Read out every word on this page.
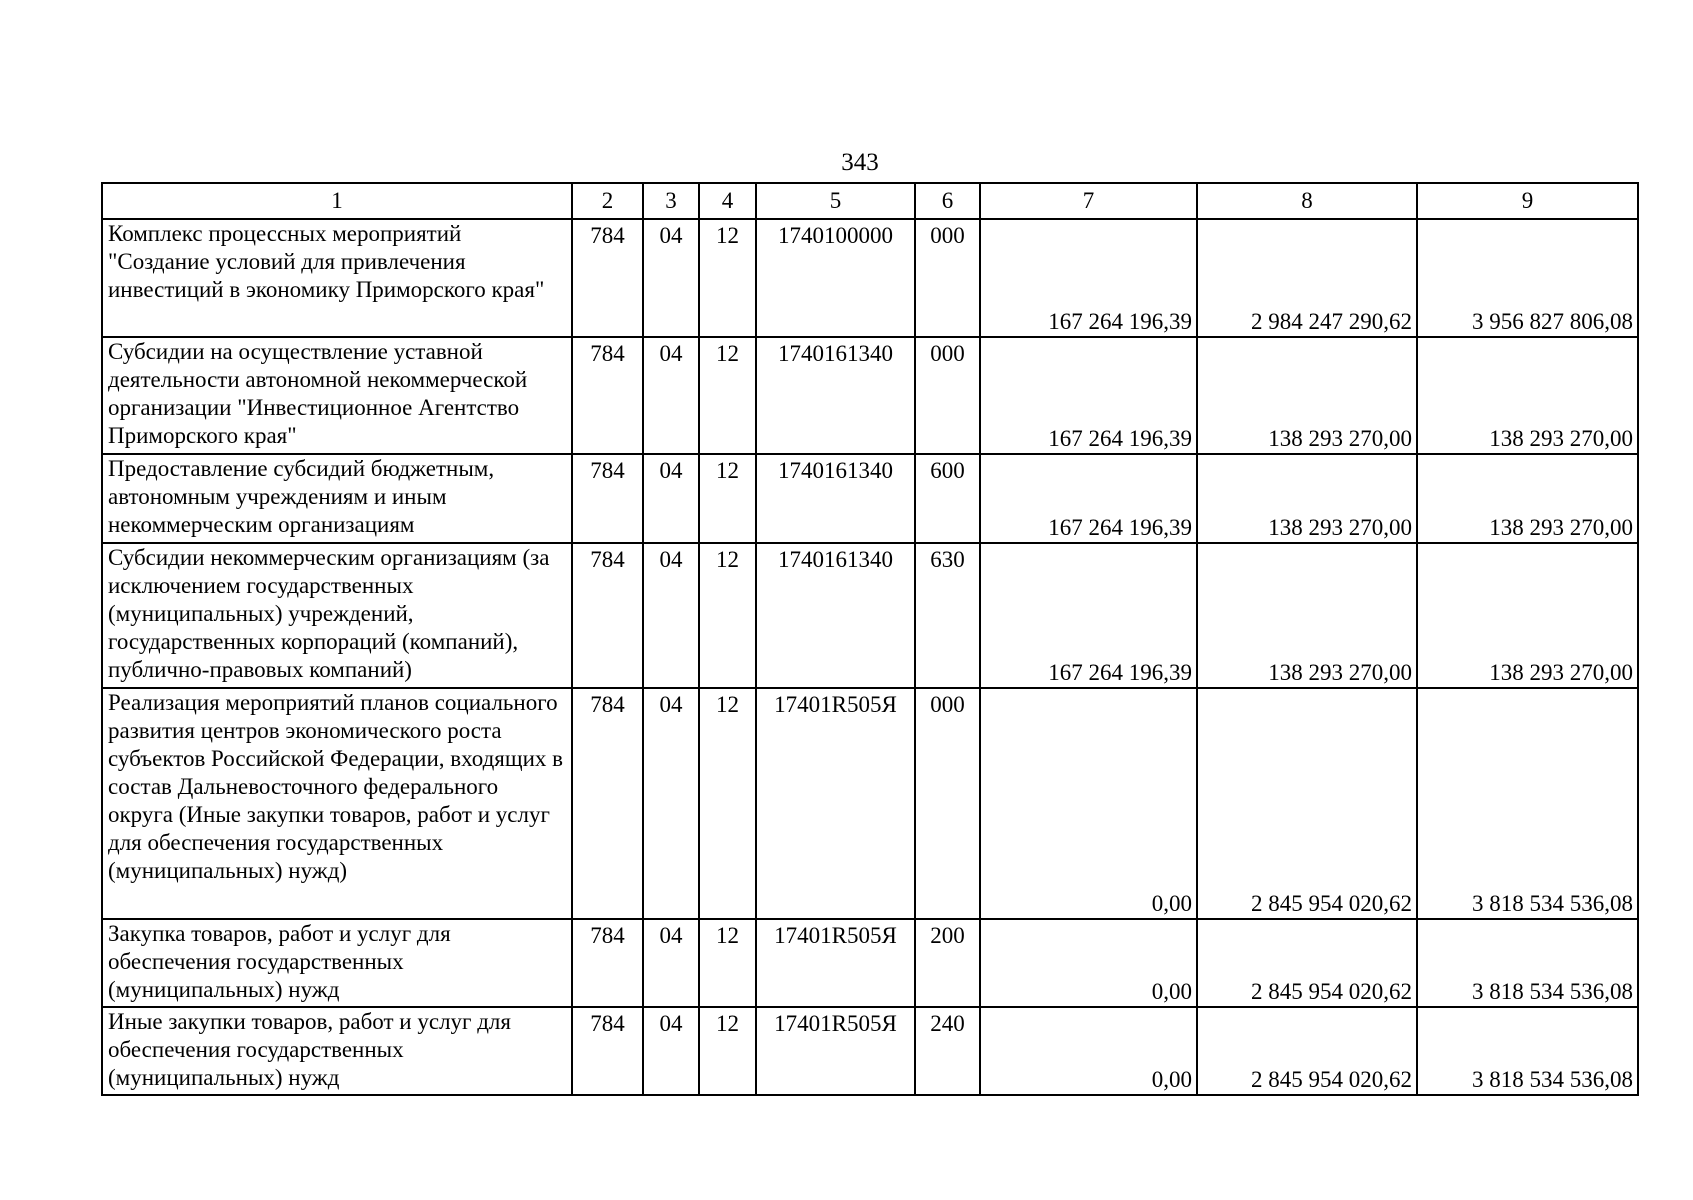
343
1	2	3	4	5	6	7	8	9
Комплекс процессных мероприятий "Создание условий для привлечения инвестиций в экономику Приморского края"	784	04	12	1740100000	000	167 264 196,39	2 984 247 290,62	3 956 827 806,08
Субсидии на осуществление уставной деятельности автономной некоммерческой организации "Инвестиционное Агентство Приморского края"	784	04	12	1740161340	000	167 264 196,39	138 293 270,00	138 293 270,00
Предоставление субсидий бюджетным, автономным учреждениям и иным некоммерческим организациям	784	04	12	1740161340	600	167 264 196,39	138 293 270,00	138 293 270,00
Субсидии некоммерческим организациям (за исключением государственных (муниципальных) учреждений, государственных корпораций (компаний), публично-правовых компаний)	784	04	12	1740161340	630	167 264 196,39	138 293 270,00	138 293 270,00
Реализация мероприятий планов социального развития центров экономического роста субъектов Российской Федерации, входящих в состав Дальневосточного федерального округа (Иные закупки товаров, работ и услуг для обеспечения государственных (муниципальных) нужд)	784	04	12	17401R505Я	000	0,00	2 845 954 020,62	3 818 534 536,08
Закупка товаров, работ и услуг для обеспечения государственных (муниципальных) нужд	784	04	12	17401R505Я	200	0,00	2 845 954 020,62	3 818 534 536,08
Иные закупки товаров, работ и услуг для обеспечения государственных (муниципальных) нужд	784	04	12	17401R505Я	240	0,00	2 845 954 020,62	3 818 534 536,08
